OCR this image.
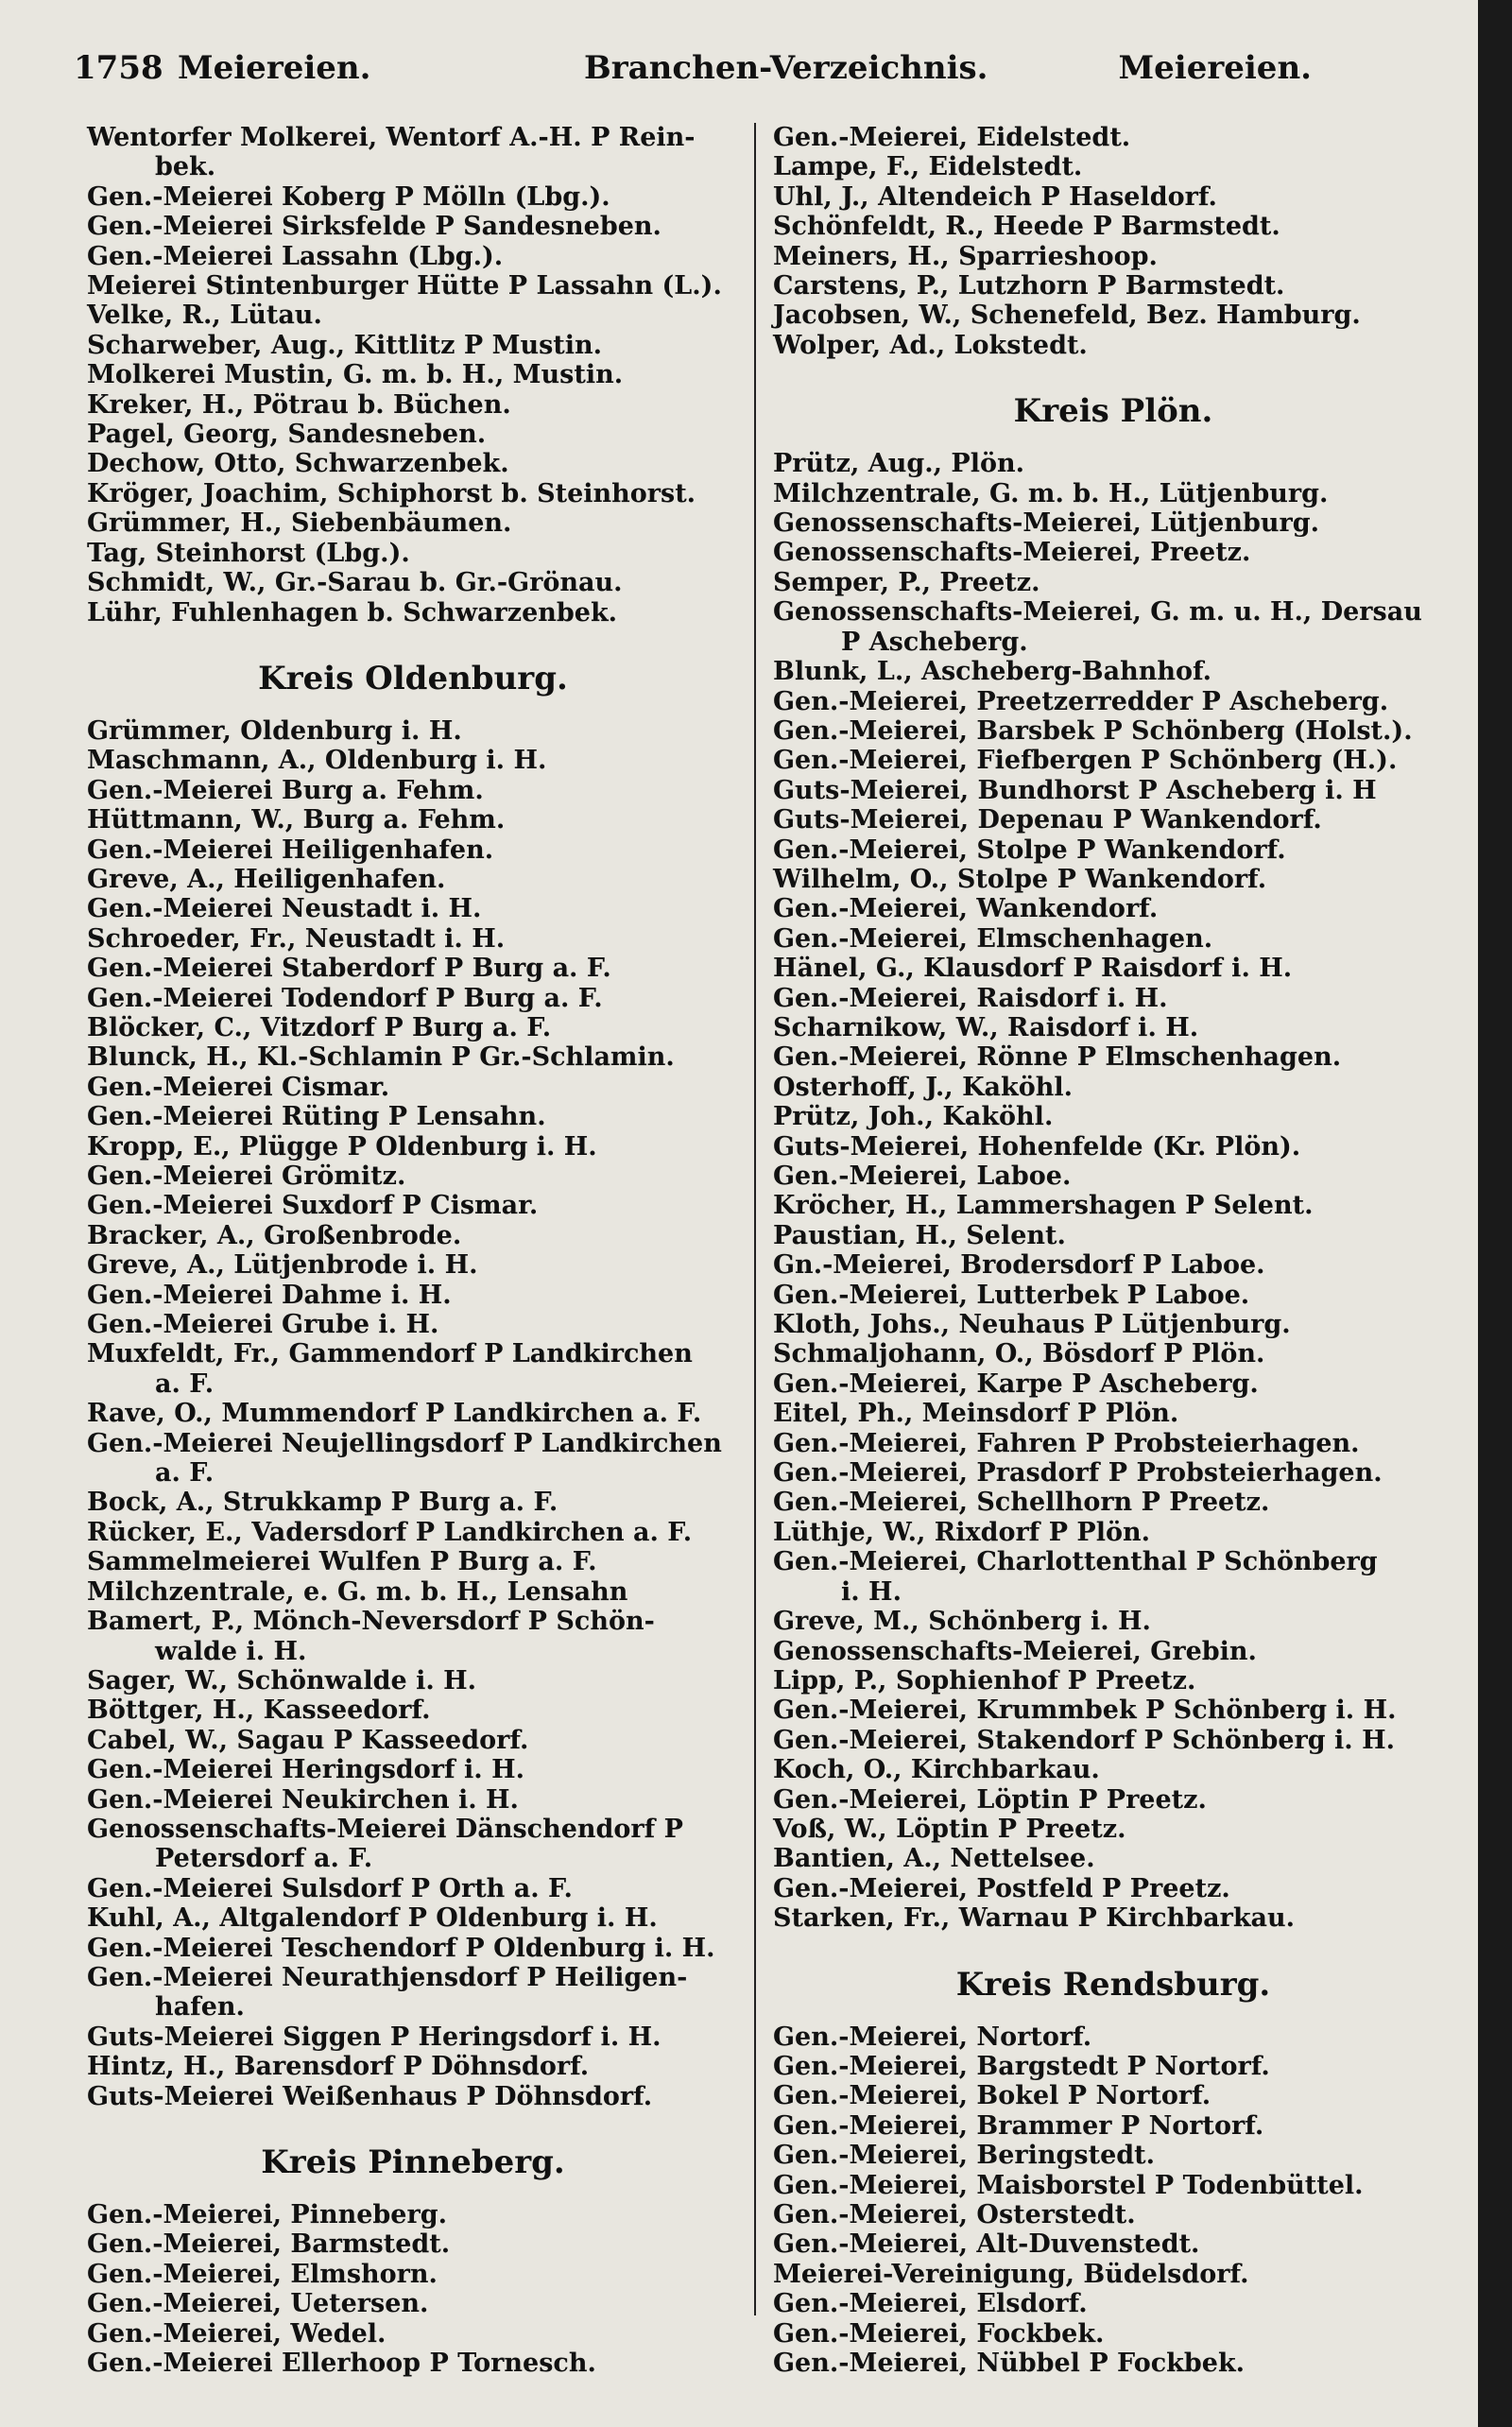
1758 Meiereien.	Branchen-Verzeichnis.	Meiereien.
Wentorfer Molkerei, Wentorf A.-H. P Rein-
bek.
Gen.-Meierei Koberg P Mölln (Lbg.).
Gen.-Meierei Sirksfelde P Sandesneben.
Gen.-Meierei Lassahn (Lbg.).
Meierei Stintenburger Hütte P Lassahn (L.).
Velke, R., Lütau.
Scharweber, Aug., Kittlitz P Mustin.
Molkerei Mustin, G. m. b. H., Mustin.
Kreker, H., Pötrau b. Büchen.
Pagel, Georg, Sandesneben.
Dechow, Otto, Schwarzenbek.
Kröger, Joachim, Schiphorst b. Steinhorst.
Grümmer, H., Siebenbäumen.
Tag, Steinhorst (Lbg.).
Schmidt, W., Gr.-Sarau b. Gr.-Grönau.
Lühr, Fuhlenhagen b. Schwarzenbek.
Kreis Oldenburg.
Grümmer, Oldenburg i. H.
Maschmann, A., Oldenburg i. H.
Gen.-Meierei Burg a. Fehm.
Hüttmann, W., Burg a. Fehm.
Gen.-Meierei Heiligenhafen.
Greve, A., Heiligenhafen.
Gen.-Meierei Neustadt i. H.
Schroeder, Fr., Neustadt i. H.
Gen.-Meierei Staberdorf P Burg a. F.
Gen.-Meierei Todendorf P Burg a. F.
Blöcker, C., Vitzdorf P Burg a. F.
Blunck, H., Kl.-Schlamin P Gr.-Schlamin.
Gen.-Meierei Cismar.
Gen.-Meierei Rüting P Lensahn.
Kropp, E., Plügge P Oldenburg i. H.
Gen.-Meierei Grömitz.
Gen.-Meierei Suxdorf P Cismar.
Bracker, A., Großenbrode.
Greve, A., Lütjenbrode i. H.
Gen.-Meierei Dahme i. H.
Gen.-Meierei Grube i. H.
Muxfeldt, Fr., Gammendorf P Landkirchen
a. F.
Rave, O., Mummendorf P Landkirchen a. F.
Gen.-Meierei Neujellingsdorf P Landkirchen
a. F.
Bock, A., Strukkamp P Burg a. F.
Rücker, E., Vadersdorf P Landkirchen a. F.
Sammelmeierei Wulfen P Burg a. F.
Milchzentrale, e. G. m. b. H., Lensahn
Bamert, P., Mönch-Neversdorf P Schön-
walde i. H.
Sager, W., Schönwalde i. H.
Böttger, H., Kasseedorf.
Cabel, W., Sagau P Kasseedorf.
Gen.-Meierei Heringsdorf i. H.
Gen.-Meierei Neukirchen i. H.
Genossenschafts-Meierei Dänschendorf P
Petersdorf a. F.
Gen.-Meierei Sulsdorf P Orth a. F.
Kuhl, A., Altgalendorf P Oldenburg i. H.
Gen.-Meierei Teschendorf P Oldenburg i. H.
Gen.-Meierei Neurathjensdorf P Heiligen-
hafen.
Guts-Meierei Siggen P Heringsdorf i. H.
Hintz, H., Barensdorf P Döhnsdorf.
Guts-Meierei Weißenhaus P Döhnsdorf.
Kreis Pinneberg.
Gen.-Meierei, Pinneberg.
Gen.-Meierei, Barmstedt.
Gen.-Meierei, Elmshorn.
Gen.-Meierei, Uetersen.
Gen.-Meierei, Wedel.
Gen.-Meierei Ellerhoop P Tornesch.
Gen.-Meierei, Eidelstedt.
Lampe, F., Eidelstedt.
Uhl, J., Altendeich P Haseldorf.
Schönfeldt, R., Heede P Barmstedt.
Meiners, H., Sparrieshoop.
Carstens, P., Lutzhorn P Barmstedt.
Jacobsen, W., Schenefeld, Bez. Hamburg.
Wolper, Ad., Lokstedt.
Kreis Plön.
Prütz, Aug., Plön.
Milchzentrale, G. m. b. H., Lütjenburg.
Genossenschafts-Meierei, Lütjenburg.
Genossenschafts-Meierei, Preetz.
Semper, P., Preetz.
Genossenschafts-Meierei, G. m. u. H., Dersau
P Ascheberg.
Blunk, L., Ascheberg-Bahnhof.
Gen.-Meierei, Preetzerredder P Ascheberg.
Gen.-Meierei, Barsbek P Schönberg (Holst.).
Gen.-Meierei, Fiefbergen P Schönberg (H.).
Guts-Meierei, Bundhorst P Ascheberg i. H
Guts-Meierei, Depenau P Wankendorf.
Gen.-Meierei, Stolpe P Wankendorf.
Wilhelm, O., Stolpe P Wankendorf.
Gen.-Meierei, Wankendorf.
Gen.-Meierei, Elmschenhagen.
Hänel, G., Klausdorf P Raisdorf i. H.
Gen.-Meierei, Raisdorf i. H.
Scharnikow, W., Raisdorf i. H.
Gen.-Meierei, Rönne P Elmschenhagen.
Osterhoff, J., Kaköhl.
Prütz, Joh., Kaköhl.
Guts-Meierei, Hohenfelde (Kr. Plön).
Gen.-Meierei, Laboe.
Kröcher, H., Lammershagen P Selent.
Paustian, H., Selent.
Gn.-Meierei, Brodersdorf P Laboe.
Gen.-Meierei, Lutterbek P Laboe.
Kloth, Johs., Neuhaus P Lütjenburg.
Schmaljohann, O., Bösdorf P Plön.
Gen.-Meierei, Karpe P Ascheberg.
Eitel, Ph., Meinsdorf P Plön.
Gen.-Meierei, Fahren P Probsteierhagen.
Gen.-Meierei, Prasdorf P Probsteierhagen.
Gen.-Meierei, Schellhorn P Preetz.
Lüthje, W., Rixdorf P Plön.
Gen.-Meierei, Charlottenthal P Schönberg
i. H.
Greve, M., Schönberg i. H.
Genossenschafts-Meierei, Grebin.
Lipp, P., Sophienhof P Preetz.
Gen.-Meierei, Krummbek P Schönberg i. H.
Gen.-Meierei, Stakendorf P Schönberg i. H.
Koch, O., Kirchbarkau.
Gen.-Meierei, Löptin P Preetz.
Voß, W., Löptin P Preetz.
Bantien, A., Nettelsee.
Gen.-Meierei, Postfeld P Preetz.
Starken, Fr., Warnau P Kirchbarkau.
Kreis Rendsburg.
Gen.-Meierei, Nortorf.
Gen.-Meierei, Bargstedt P Nortorf.
Gen.-Meierei, Bokel P Nortorf.
Gen.-Meierei, Brammer P Nortorf.
Gen.-Meierei, Beringstedt.
Gen.-Meierei, Maisborstel P Todenbüttel.
Gen.-Meierei, Osterstedt.
Gen.-Meierei, Alt-Duvenstedt.
Meierei-Vereinigung, Büdelsdorf.
Gen.-Meierei, Elsdorf.
Gen.-Meierei, Fockbek.
Gen.-Meierei, Nübbel P Fockbek.
